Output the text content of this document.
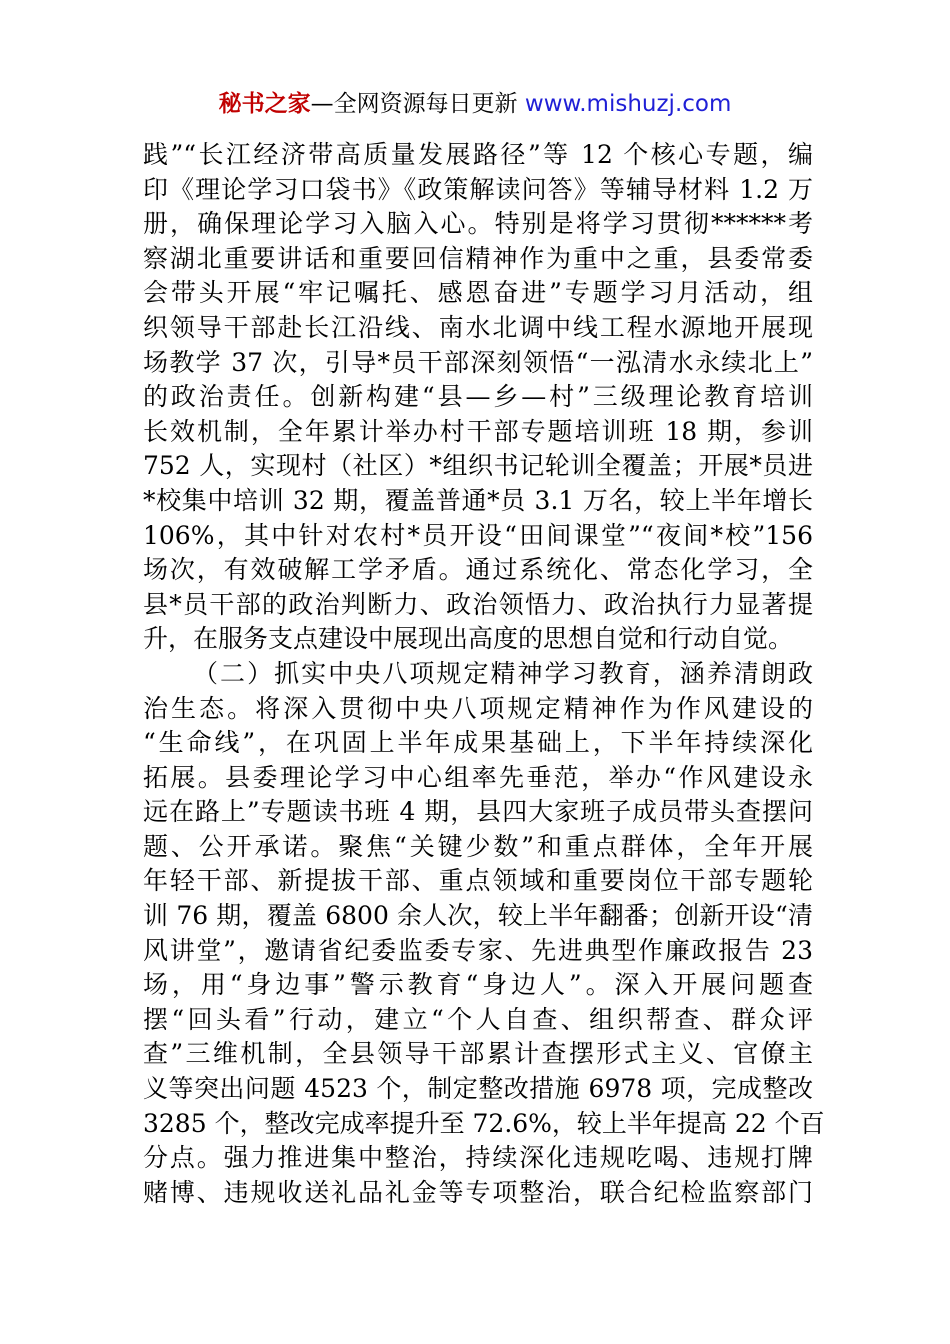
秘书之家—全网资源每日更新 www.mishuzj.com
践”“长江经济带高质量发展路径”等 12 个核心专题，编
印《理论学习口袋书》《政策解读问答》等辅导材料 1.2 万
册，确保理论学习入脑入心。特别是将学习贯彻******考
察湖北重要讲话和重要回信精神作为重中之重，县委常委
会带头开展“牢记嘱托、感恩奋进”专题学习月活动，组
织领导干部赴长江沿线、南水北调中线工程水源地开展现
场教学 37 次，引导*员干部深刻领悟“一泓清水永续北上”
的政治责任。创新构建“县—乡—村”三级理论教育培训
长效机制，全年累计举办村干部专题培训班 18 期，参训
752 人，实现村（社区）*组织书记轮训全覆盖；开展*员进
*校集中培训 32 期，覆盖普通*员 3.1 万名，较上半年增长
106%，其中针对农村*员开设“田间课堂”“夜间*校”156
场次，有效破解工学矛盾。通过系统化、常态化学习，全
县*员干部的政治判断力、政治领悟力、政治执行力显著提
升，在服务支点建设中展现出高度的思想自觉和行动自觉。
（二）抓实中央八项规定精神学习教育，涵养清朗政
治生态。将深入贯彻中央八项规定精神作为作风建设的
“生命线”，在巩固上半年成果基础上，下半年持续深化
拓展。县委理论学习中心组率先垂范，举办“作风建设永
远在路上”专题读书班 4 期，县四大家班子成员带头查摆问
题、公开承诺。聚焦“关键少数”和重点群体，全年开展
年轻干部、新提拔干部、重点领域和重要岗位干部专题轮
训 76 期，覆盖 6800 余人次，较上半年翻番；创新开设“清
风讲堂”，邀请省纪委监委专家、先进典型作廉政报告 23
场，用“身边事”警示教育“身边人”。深入开展问题查
摆“回头看”行动，建立“个人自查、组织帮查、群众评
查”三维机制，全县领导干部累计查摆形式主义、官僚主
义等突出问题 4523 个，制定整改措施 6978 项，完成整改
3285 个，整改完成率提升至 72.6%，较上半年提高 22 个百
分点。强力推进集中整治，持续深化违规吃喝、违规打牌
赌博、违规收送礼品礼金等专项整治，联合纪检监察部门
